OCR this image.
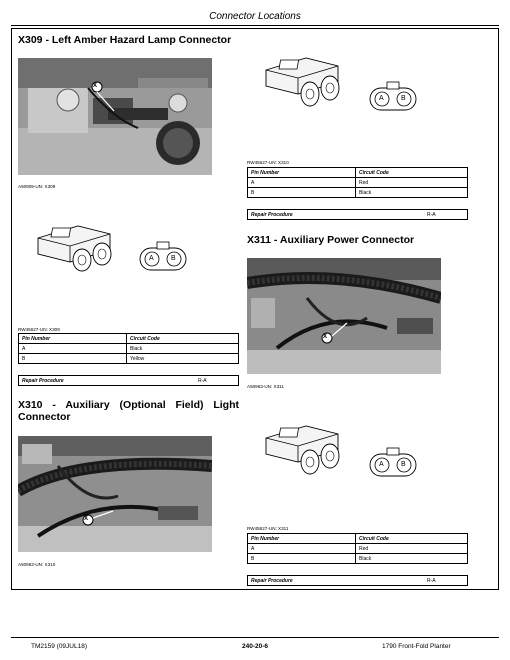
Connector Locations
X309 - Left Amber Hazard Lamp Connector
X
A50909-UN: X309
A B
RW45627-UN: X309
Pin Number	Circuit Code
A	Black
B	Yellow
Repair Procedure	R-A
X310 - Auxiliary (Optional Field) Light
Connector
X
A50963-UN: X310
A B
RW45627-UN: X310
Pin Number	Circuit Code
A	Red
B	Black
Repair Procedure	R-A
X311 - Auxiliary Power Connector
X
A50963-UN: X311
A B
RW45627-UN: X311
Pin Number	Circuit Code
A	Red
B	Black
Repair Procedure	R-A
TM2159 (09JUL18)	240-20-6	1790 Front-Fold Planter
